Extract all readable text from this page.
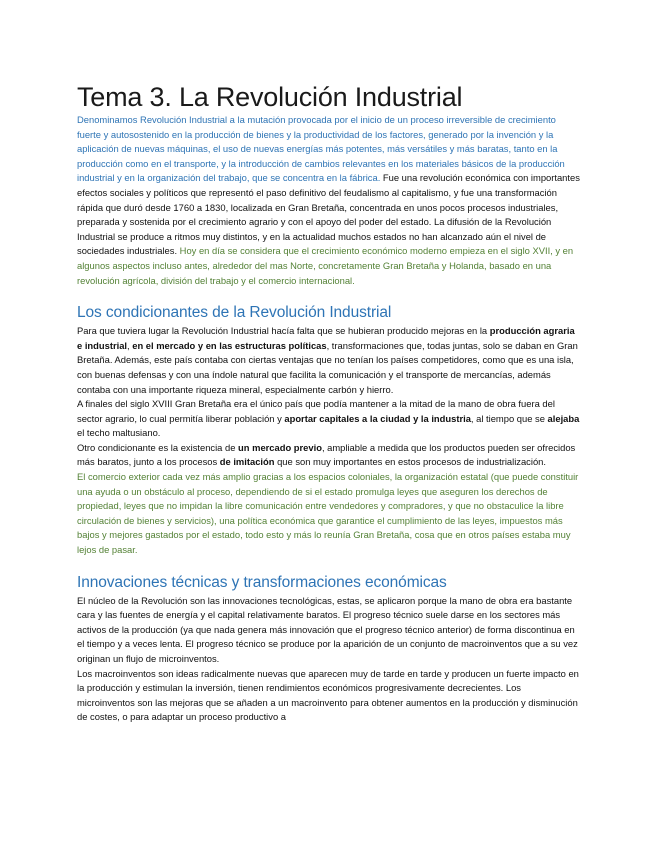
Tema 3. La Revolución Industrial

Denominamos Revolución Industrial a la mutación provocada por el inicio de un proceso irreversible de crecimiento fuerte y autosostenido en la producción de bienes y la productividad de los factores, generado por la invención y la aplicación de nuevas máquinas, el uso de nuevas energías más potentes, más versátiles y más baratas, tanto en la producción como en el transporte, y la introducción de cambios relevantes en los materiales básicos de la producción industrial y en la organización del trabajo, que se concentra en la fábrica. Fue una revolución económica con importantes efectos sociales y políticos que representó el paso definitivo del feudalismo al capitalismo, y fue una transformación rápida que duró desde 1760 a 1830, localizada en Gran Bretaña, concentrada en unos pocos procesos industriales, preparada y sostenida por el crecimiento agrario y con el apoyo del poder del estado. La difusión de la Revolución Industrial se produce a ritmos muy distintos, y en la actualidad muchos estados no han alcanzado aún el nivel de sociedades industriales. Hoy en día se considera que el crecimiento económico moderno empieza en el siglo XVII, y en algunos aspectos incluso antes, alrededor del mas Norte, concretamente Gran Bretaña y Holanda, basado en una revolución agrícola, división del trabajo y el comercio internacional.

Los condicionantes de la Revolución Industrial

Para que tuviera lugar la Revolución Industrial hacía falta que se hubieran producido mejoras en la producción agraria e industrial, en el mercado y en las estructuras políticas, transformaciones que, todas juntas, solo se daban en Gran Bretaña. Además, este país contaba con ciertas ventajas que no tenían los países competidores, como que es una isla, con buenas defensas y con una índole natural que facilita la comunicación y el transporte de mercancías, además contaba con una importante riqueza mineral, especialmente carbón y hierro.

A finales del siglo XVIII Gran Bretaña era el único país que podía mantener a la mitad de la mano de obra fuera del sector agrario, lo cual permitía liberar población y aportar capitales a la ciudad y la industria, al tiempo que se alejaba el techo maltusiano.

Otro condicionante es la existencia de un mercado previo, ampliable a medida que los productos pueden ser ofrecidos más baratos, junto a los procesos de imitación que son muy importantes en estos procesos de industrialización.

El comercio exterior cada vez más amplio gracias a los espacios coloniales, la organización estatal (que puede constituir una ayuda o un obstáculo al proceso, dependiendo de si el estado promulga leyes que aseguren los derechos de propiedad, leyes que no impidan la libre comunicación entre vendedores y compradores, y que no obstaculice la libre circulación de bienes y servicios), una política económica que garantice el cumplimiento de las leyes, impuestos más bajos y mejores gastados por el estado, todo esto y más lo reunía Gran Bretaña, cosa que en otros países estaba muy lejos de pasar.

Innovaciones técnicas y transformaciones económicas

El núcleo de la Revolución son las innovaciones tecnológicas, estas, se aplicaron porque la mano de obra era bastante cara y las fuentes de energía y el capital relativamente baratos. El progreso técnico suele darse en los sectores más activos de la producción (ya que nada genera más innovación que el progreso técnico anterior) de forma discontinua en el tiempo y a veces lenta. El progreso técnico se produce por la aparición de un conjunto de macroinventos que a su vez originan un flujo de microinventos.

Los macroinventos son ideas radicalmente nuevas que aparecen muy de tarde en tarde y producen un fuerte impacto en la producción y estimulan la inversión, tienen rendimientos económicos progresivamente decrecientes. Los microinventos son las mejoras que se añaden a un macroinvento para obtener aumentos en la producción y disminución de costes, o para adaptar un proceso productivo a
